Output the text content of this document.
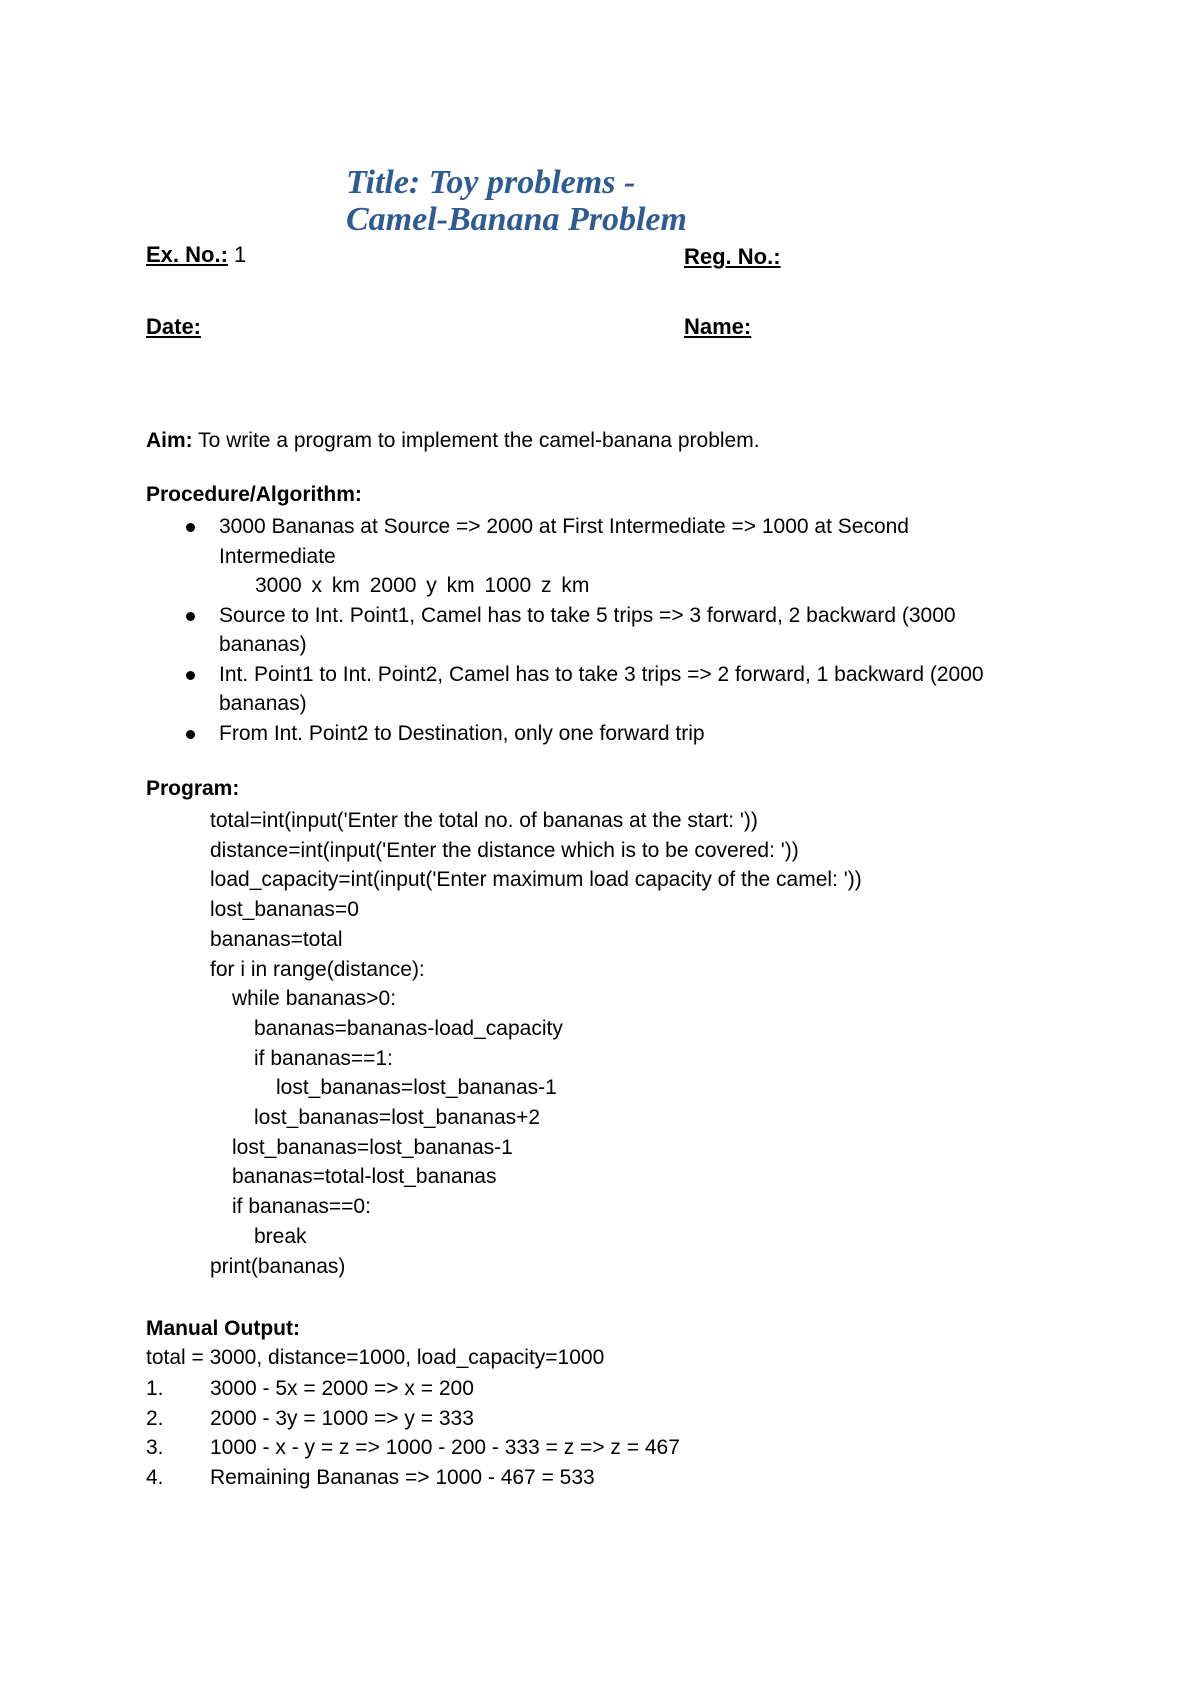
Title: Toy problems -
Camel-Banana Problem
Ex. No.: 1	Reg. No.:
Date:	Name:
Aim: To write a program to implement the camel-banana problem.
Procedure/Algorithm:
3000 Bananas at Source => 2000 at First Intermediate => 1000 at Second
Intermediate

3000 x km 2000 y km 1000 z km
Source to Int. Point1, Camel has to take 5 trips => 3 forward, 2 backward (3000
bananas)
Int. Point1 to Int. Point2, Camel has to take 3 trips => 2 forward, 1 backward (2000
bananas)
From Int. Point2 to Destination, only one forward trip
Program:
total=int(input('Enter the total no. of bananas at the start: '))
distance=int(input('Enter the distance which is to be covered: '))
load_capacity=int(input('Enter maximum load capacity of the camel: '))
lost_bananas=0
bananas=total
for i in range(distance):
while bananas>0:
bananas=bananas-load_capacity
if bananas==1:
lost_bananas=lost_bananas-1
lost_bananas=lost_bananas+2
lost_bananas=lost_bananas-1
bananas=total-lost_bananas
if bananas==0:
break
print(bananas)
Manual Output:
total = 3000, distance=1000, load_capacity=1000
1. 3000 - 5x = 2000 => x = 200
2. 2000 - 3y = 1000 => y = 333
3. 1000 - x - y = z => 1000 - 200 - 333 = z => z = 467
4. Remaining Bananas => 1000 - 467 = 533
